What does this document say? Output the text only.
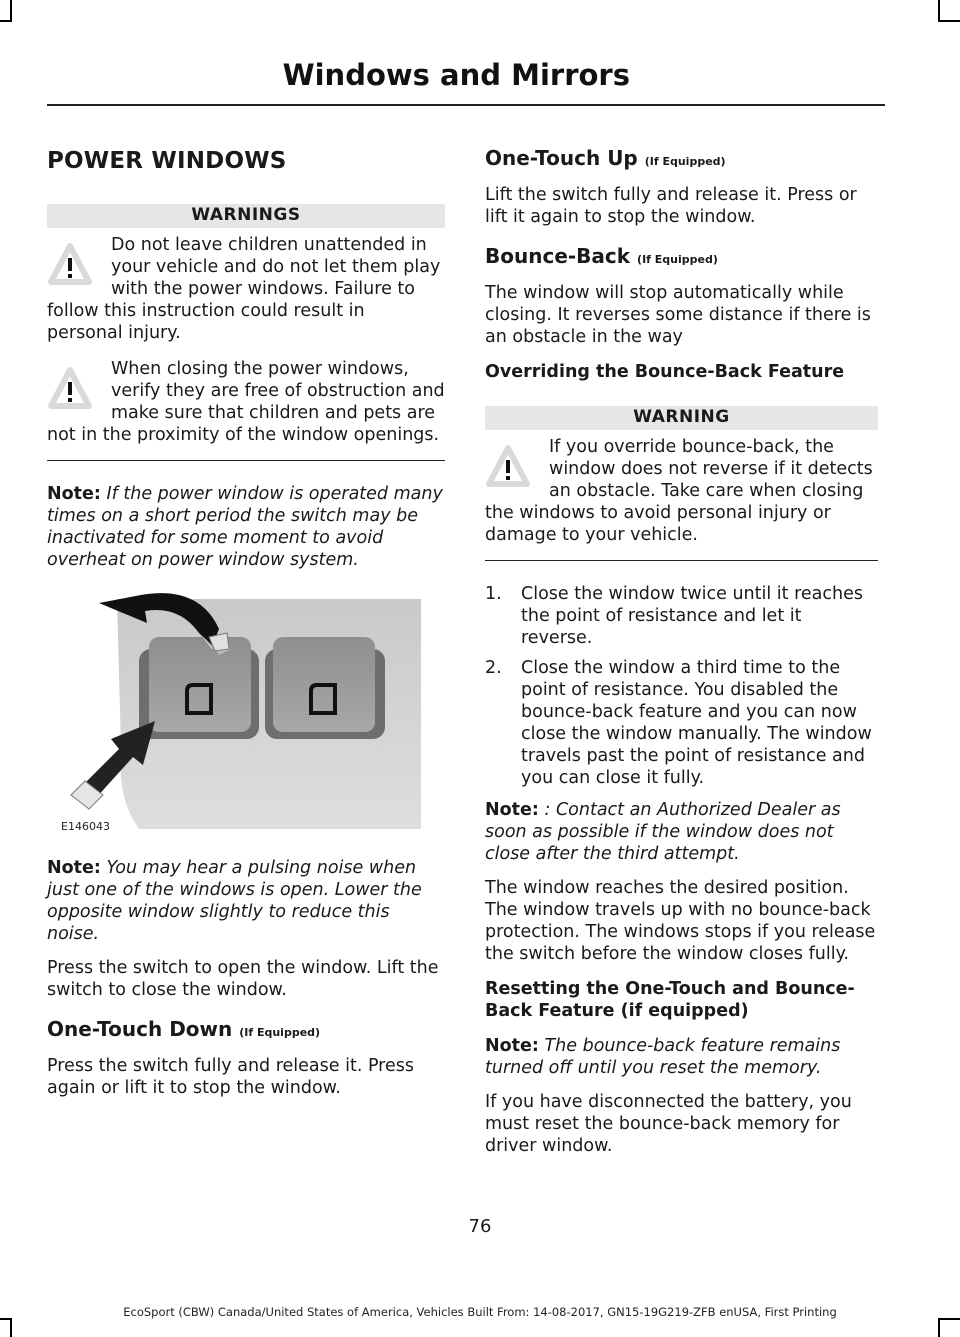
Windows and Mirrors
POWER WINDOWS
WARNINGS
Do not leave children unattended in your vehicle and do not let them play with the power windows. Failure to follow this instruction could result in personal injury.
When closing the power windows, verify they are free of obstruction and make sure that children and pets are not in the proximity of the window openings.

Note: If the power window is operated many times on a short period the switch may be inactivated for some moment to avoid overheat on power window system.

E146043

Note: You may hear a pulsing noise when just one of the windows is open. Lower the opposite window slightly to reduce this noise.

Press the switch to open the window. Lift the switch to close the window.

One-Touch Down (If Equipped)

Press the switch fully and release it. Press again or lift it to stop the window.

One-Touch Up (If Equipped)

Lift the switch fully and release it. Press or lift it again to stop the window.

Bounce-Back (If Equipped)

The window will stop automatically while closing. It reverses some distance if there is an obstacle in the way

Overriding the Bounce-Back Feature
WARNING
If you override bounce-back, the window does not reverse if it detects an obstacle. Take care when closing the windows to avoid personal injury or damage to your vehicle.
1. Close the window twice until it reaches the point of resistance and let it reverse.
2. Close the window a third time to the point of resistance. You disabled the bounce-back feature and you can now close the window manually. The window travels past the point of resistance and you can close it fully.

Note: : Contact an Authorized Dealer as soon as possible if the window does not close after the third attempt.

The window reaches the desired position. The window travels up with no bounce-back protection. The windows stops if you release the switch before the window closes fully.

Resetting the One-Touch and Bounce-Back Feature (if equipped)

Note: The bounce-back feature remains turned off until you reset the memory.

If you have disconnected the battery, you must reset the bounce-back memory for driver window.

76
EcoSport (CBW) Canada/United States of America, Vehicles Built From: 14-08-2017, GN15-19G219-ZFB enUSA, First Printing
